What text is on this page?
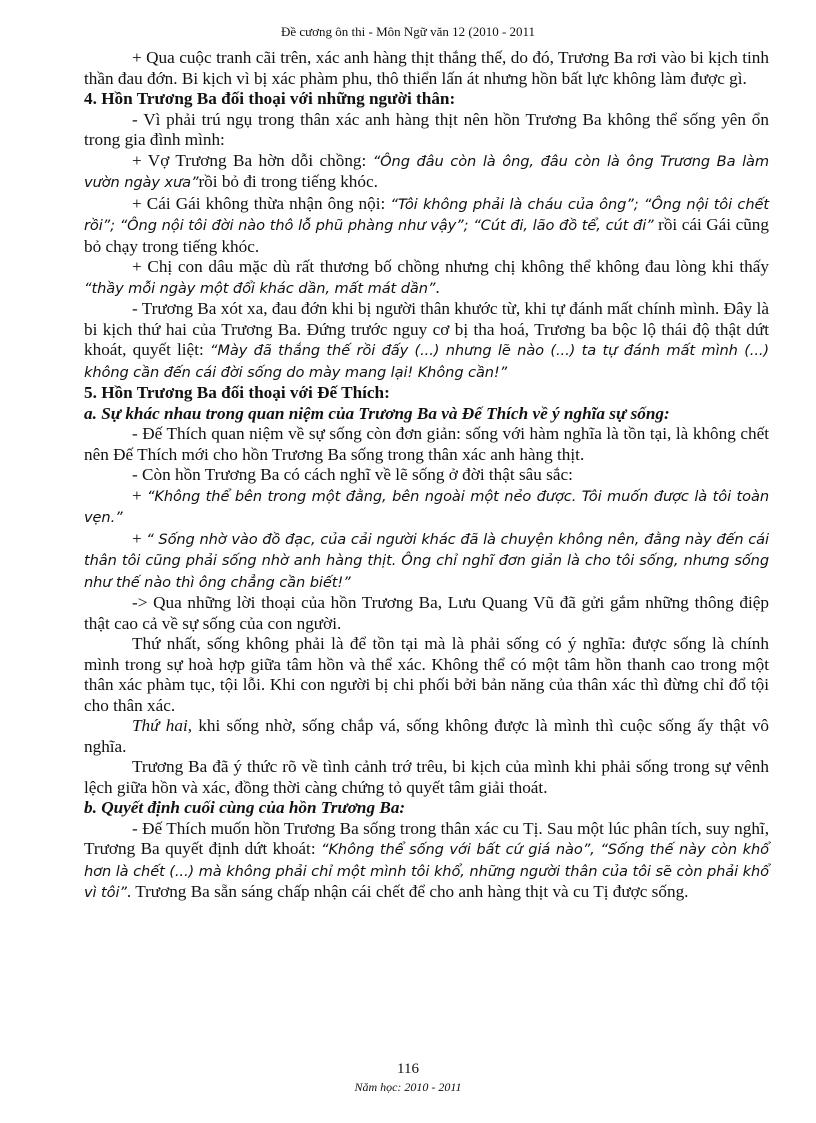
Đề cương ôn thi - Môn Ngữ văn 12 (2010 - 2011

+ Qua cuộc tranh cãi trên, xác anh hàng thịt thắng thế, do đó, Trương Ba rơi vào bi kịch tinh thần đau đớn. Bi kịch vì bị xác phàm phu, thô thiển lấn át nhưng hồn bất lực không làm được gì.

4. Hồn Trương Ba đối thoại với những người thân:

- Vì phải trú ngụ trong thân xác anh hàng thịt nên hồn Trương Ba không thể sống yên ổn trong gia đình mình:

+ Vợ Trương Ba hờn dỗi chồng: “Ông đâu còn là ông, đâu còn là ông Trương Ba làm vườn ngày xưa”rồi bỏ đi trong tiếng khóc.

+ Cái Gái không thừa nhận ông nội: “Tôi không phải là cháu của ông”; “Ông nội tôi chết rồi”; “Ông nội tôi đời nào thô lỗ phũ phàng như vậy”; “Cút đi, lão đồ tể, cút đi” rồi cái Gái cũng bỏ chạy trong tiếng khóc.

+ Chị con dâu mặc dù rất thương bố chồng nhưng chị không thể không đau lòng khi thấy “thầy mỗi ngày một đổi khác dần, mất mát dần”.

- Trương Ba xót xa, đau đớn khi bị người thân khước từ, khi tự đánh mất chính mình. Đây là bi kịch thứ hai của Trương Ba. Đứng trước nguy cơ bị tha hoá, Trương ba bộc lộ thái độ thật dứt khoát, quyết liệt: “Mày đã thắng thế rồi đấy (...) nhưng lẽ nào (...) ta tự đánh mất mình (...) không cần đến cái đời sống do mày mang lại! Không cần!”

5. Hồn Trương Ba đối thoại với Đế Thích:

a. Sự khác nhau trong quan niệm của Trương Ba và Đế Thích về ý nghĩa sự sống:

- Đế Thích quan niệm về sự sống còn đơn giản: sống với hàm nghĩa là tồn tại, là không chết nên Đế Thích mới cho hồn Trương Ba sống trong thân xác anh hàng thịt.

- Còn hồn Trương Ba có cách nghĩ về lẽ sống ở đời thật sâu sắc:

+ “Không thể bên trong một đằng, bên ngoài một nẻo được. Tôi muốn được là tôi toàn vẹn.”

+ “ Sống nhờ vào đồ đạc, của cải người khác đã là chuyện không nên, đằng này đến cái thân tôi cũng phải sống nhờ anh hàng thịt. Ông chỉ nghĩ đơn giản là cho tôi sống, nhưng sống như thế nào thì ông chẳng cần biết!”

-> Qua những lời thoại của hồn Trương Ba, Lưu Quang Vũ đã gửi gắm những thông điệp thật cao cả về sự sống của con người.

Thứ nhất, sống không phải là để tồn tại mà là phải sống có ý nghĩa: được sống là chính mình trong sự hoà hợp giữa tâm hồn và thể xác. Không thể có một tâm hồn thanh cao trong một thân xác phàm tục, tội lỗi. Khi con người bị chi phối bởi bản năng của thân xác thì đừng chỉ đổ tội cho thân xác.

Thứ hai, khi sống nhờ, sống chắp vá, sống không được là mình thì cuộc sống ấy thật vô nghĩa.

Trương Ba đã ý thức rõ về tình cảnh trớ trêu, bi kịch của mình khi phải sống trong sự vênh lệch giữa hồn và xác, đồng thời càng chứng tỏ quyết tâm giải thoát.

b. Quyết định cuối cùng của hồn Trương Ba:

- Đế Thích muốn hồn Trương Ba sống trong thân xác cu Tị. Sau một lúc phân tích, suy nghĩ, Trương Ba quyết định dứt khoát: “Không thể sống với bất cứ giá nào”, “Sống thế này còn khổ hơn là chết (...) mà không phải chỉ một mình tôi khổ, những người thân của tôi sẽ còn phải khổ vì tôi”. Trương Ba sẵn sáng chấp nhận cái chết để cho anh hàng thịt và cu Tị được sống.

116
Năm học: 2010 - 2011
